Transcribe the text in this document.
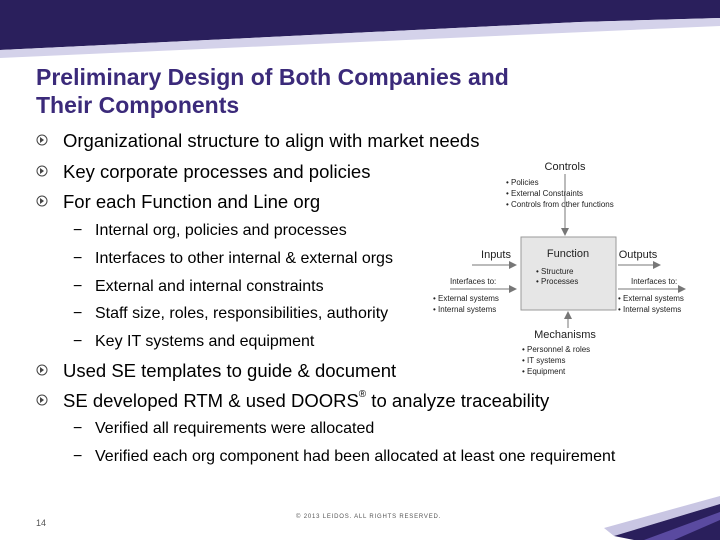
Preliminary Design of Both Companies and
Their Components
Organizational structure to align with market needs
Key corporate processes and policies
For each Function and Line org
− Internal org, policies and processes
− Interfaces to other internal & external orgs
− External and internal constraints
− Staff size, roles, responsibilities, authority
− Key IT systems and equipment
Used SE templates to guide & document
SE developed RTM & used DOORS® to analyze traceability
− Verified all requirements were allocated
− Verified each org component had been allocated at least one requirement
Controls
• Policies
• External Constraints
• Controls from other functions
Inputs	Function
• Structure
• Processes
Outputs
Interfaces to:
• External systems
• Internal systems
Interfaces to:
• External systems
• Internal systems
Mechanisms
• Personnel & roles
• IT systems
• Equipment
14
© 2013 LEIDOS. ALL RIGHTS RESERVED.
